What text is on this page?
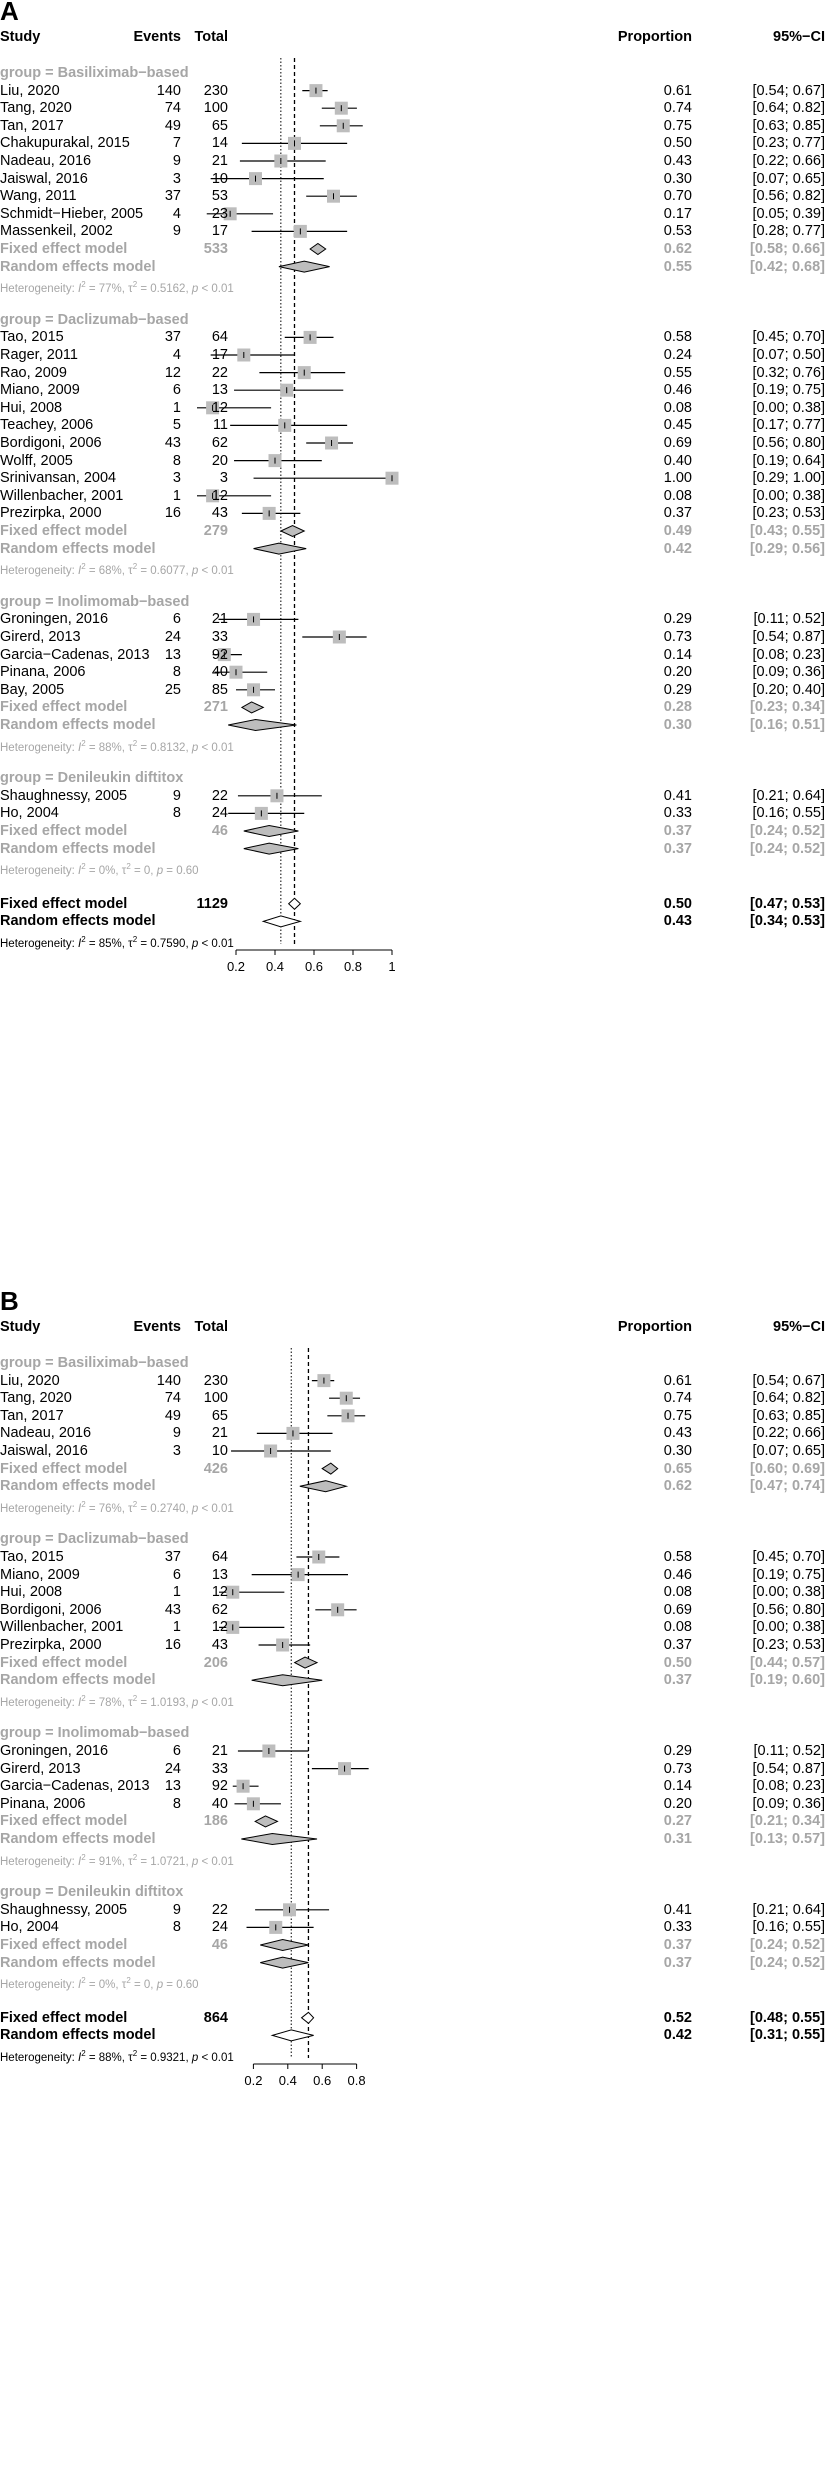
0.2 0.4 0.6 0.8 1
A
Study	Events Total	Proportion	95%−CI
group = Basiliximab−based
Liu, 2020	140 230	0.61	[0.54; 0.67]
Tang, 2020	74 100	0.74	[0.64; 0.82]
Tan, 2017	49 65	0.75	[0.63; 0.85]
Chakupurakal, 2015	7 14	0.50	[0.23; 0.77]
Nadeau, 2016	9 21	0.43	[0.22; 0.66]
Jaiswal, 2016	3 10	0.30	[0.07; 0.65]
Wang, 2011	37 53	0.70	[0.56; 0.82]
Schmidt−Hieber, 2005 4 23	0.17	[0.05; 0.39]
Massenkeil, 2002	9 17	0.53	[0.28; 0.77]
Fixed effect model	533	0.62	[0.58; 0.66]
Random effects model	0.55	[0.42; 0.68]
Heterogeneity: $I^2 = 77\%$, $\tau^2 = 0.5162$, p < 0.01
group = Daclizumab−based
Tao, 2015	37 64	0.58	[0.45; 0.70]
Rager, 2011	4 17	0.24	[0.07; 0.50]
Rao, 2009	12 22	0.55	[0.32; 0.76]
Miano, 2009	6 13	0.46	[0.19; 0.75]
Hui, 2008	1 12	0.08	[0.00; 0.38]
Teachey, 2006	5 11	0.45	[0.17; 0.77]
Bordigoni, 2006	43 62	0.69	[0.56; 0.80]
Wolff, 2005	8 20	0.40	[0.19; 0.64]
Srinivansan, 2004	3	3	1.00	[0.29; 1.00]
Willenbacher, 2001	1 12	0.08	[0.00; 0.38]
Prezirpka, 2000	16 43	0.37	[0.23; 0.53]
Fixed effect model	279	0.49	[0.43; 0.55]
Random effects model	0.42	[0.29; 0.56]
Heterogeneity: $I^2 = 68\%$, $\tau^2 = 0.6077$, p < 0.01
group = Inolimomab−based
Groningen, 2016	6 21	0.29	[0.11; 0.52]
Girerd, 2013	24 33	0.73	[0.54; 0.87]
Garcia−Cadenas, 2013 13 92	0.14	[0.08; 0.23]
Pinana, 2006	8 40	0.20	[0.09; 0.36]
Bay, 2005	25 85	0.29	[0.20; 0.40]
Fixed effect model	271	0.28	[0.23; 0.34]
Random effects model	0.30	[0.16; 0.51]
Heterogeneity: $I^2 = 88\%$, $\tau^2 = 0.8132$, p < 0.01
group = Denileukin diftitox
Shaughnessy, 2005	9 22	0.41	[0.21; 0.64]
Ho, 2004	8 24	0.33	[0.16; 0.55]
Fixed effect model	46	0.37	[0.24; 0.52]
Random effects model	0.37	[0.24; 0.52]
Heterogeneity: $I^2 = 0\%$, $\tau^2 = 0$, p = 0.60
Fixed effect model	1129	0.50	[0.47; 0.53]
Random effects model	0.43	[0.34; 0.53]
Heterogeneity: $I^2 = 85\%$, $\tau^2 = 0.7590$, p < 0.01
0.2 0.4 0.6 0.8
B
Study	Events Total	Proportion	95%−CI
group = Basiliximab−based
Liu, 2020	140 230	0.61	[0.54; 0.67]
Tang, 2020	74 100	0.74	[0.64; 0.82]
Tan, 2017	49 65	0.75	[0.63; 0.85]
Nadeau, 2016	9 21	0.43	[0.22; 0.66]
Jaiswal, 2016	3 10	0.30	[0.07; 0.65]
Fixed effect model	426	0.65	[0.60; 0.69]
Random effects model	0.62	[0.47; 0.74]
Heterogeneity: $I^2 = 76\%$, $\tau^2 = 0.2740$, p < 0.01
group = Daclizumab−based
Tao, 2015	37 64	0.58	[0.45; 0.70]
Miano, 2009	6 13	0.46	[0.19; 0.75]
Hui, 2008	1 12	0.08	[0.00; 0.38]
Bordigoni, 2006	43 62	0.69	[0.56; 0.80]
Willenbacher, 2001	1 12	0.08	[0.00; 0.38]
Prezirpka, 2000	16 43	0.37	[0.23; 0.53]
Fixed effect model	206	0.50	[0.44; 0.57]
Random effects model	0.37	[0.19; 0.60]
Heterogeneity: $I^2 = 78\%$, $\tau^2 = 1.0193$, p < 0.01
group = Inolimomab−based
Groningen, 2016	6 21	0.29	[0.11; 0.52]
Girerd, 2013	24 33	0.73	[0.54; 0.87]
Garcia−Cadenas, 2013 13 92	0.14	[0.08; 0.23]
Pinana, 2006	8 40	0.20	[0.09; 0.36]
Fixed effect model	186	0.27	[0.21; 0.34]
Random effects model	0.31	[0.13; 0.57]
Heterogeneity: $I^2 = 91\%$, $\tau^2 = 1.0721$, p < 0.01
group = Denileukin diftitox
Shaughnessy, 2005	9 22	0.41	[0.21; 0.64]
Ho, 2004	8 24	0.33	[0.16; 0.55]
Fixed effect model	46	0.37	[0.24; 0.52]
Random effects model	0.37	[0.24; 0.52]
Heterogeneity: $I^2 = 0\%$, $\tau^2 = 0$, p = 0.60
Fixed effect model	864	0.52	[0.48; 0.55]
Random effects model	0.42	[0.31; 0.55]
Heterogeneity: $I^2 = 88\%$, $\tau^2 = 0.9321$, p < 0.01
